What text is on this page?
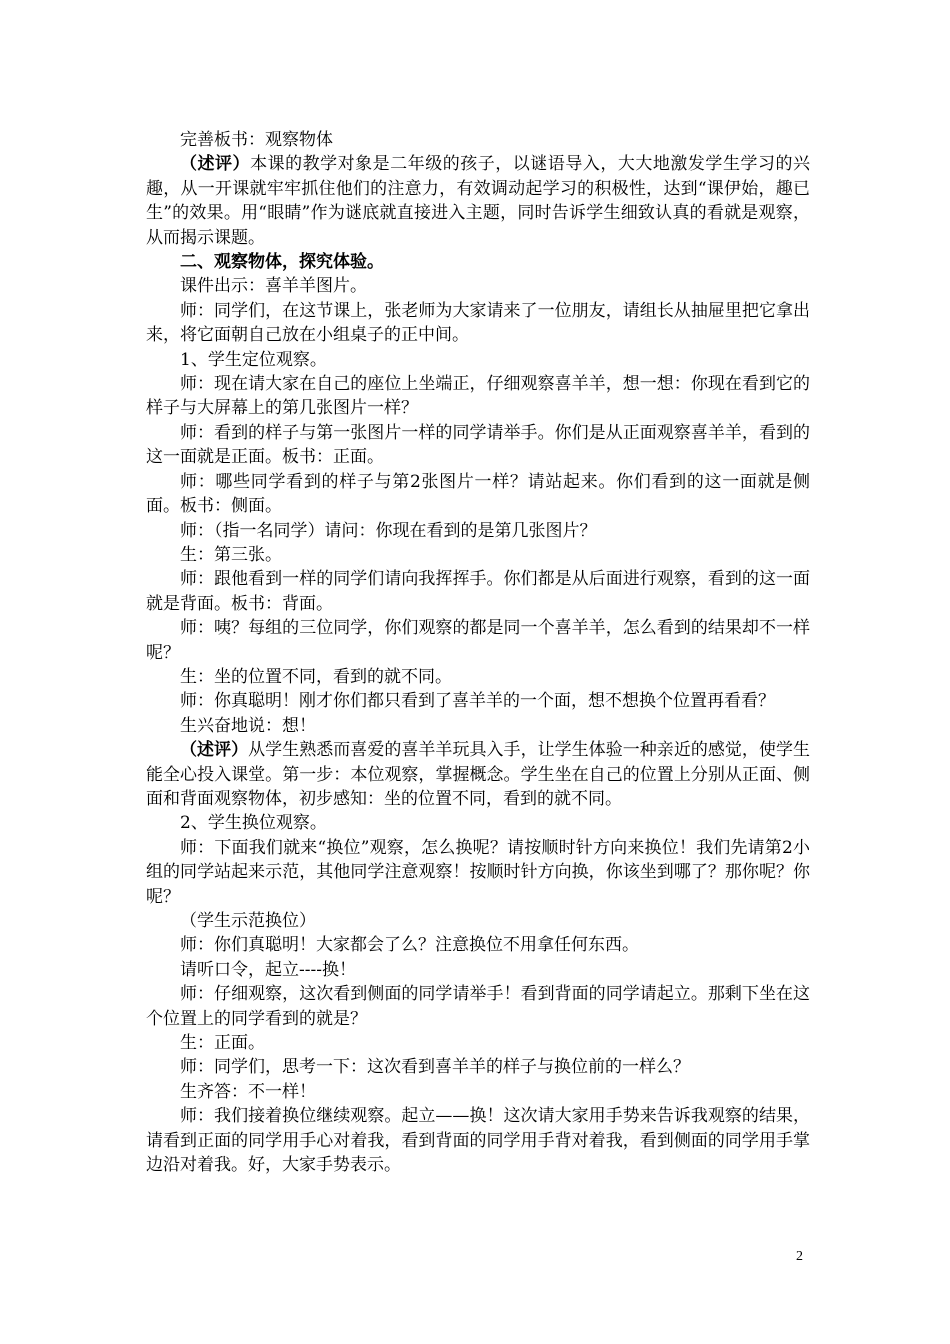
完善板书：观察物体

（述评）本课的教学对象是二年级的孩子，以谜语导入，大大地激发学生学习的兴趣，从一开课就牢牢抓住他们的注意力，有效调动起学习的积极性，达到“课伊始，趣已生”的效果。用“眼睛”作为谜底就直接进入主题，同时告诉学生细致认真的看就是观察，从而揭示课题。

二、观察物体，探究体验。

课件出示：喜羊羊图片。

师：同学们，在这节课上，张老师为大家请来了一位朋友，请组长从抽屉里把它拿出来，将它面朝自己放在小组桌子的正中间。

1、学生定位观察。

师：现在请大家在自己的座位上坐端正，仔细观察喜羊羊，想一想：你现在看到它的样子与大屏幕上的第几张图片一样？

师：看到的样子与第一张图片一样的同学请举手。你们是从正面观察喜羊羊，看到的这一面就是正面。板书：正面。

师：哪些同学看到的样子与第2张图片一样？请站起来。你们看到的这一面就是侧面。板书：侧面。

师：（指一名同学）请问：你现在看到的是第几张图片？

生：第三张。

师：跟他看到一样的同学们请向我挥挥手。你们都是从后面进行观察，看到的这一面就是背面。板书：背面。

师：咦？每组的三位同学，你们观察的都是同一个喜羊羊，怎么看到的结果却不一样呢？

生：坐的位置不同，看到的就不同。

师：你真聪明！刚才你们都只看到了喜羊羊的一个面，想不想换个位置再看看？

生兴奋地说：想！

（述评）从学生熟悉而喜爱的喜羊羊玩具入手，让学生体验一种亲近的感觉，使学生能全心投入课堂。第一步：本位观察，掌握概念。学生坐在自己的位置上分别从正面、侧面和背面观察物体，初步感知：坐的位置不同，看到的就不同。

2、学生换位观察。

师：下面我们就来“换位”观察，怎么换呢？请按顺时针方向来换位！我们先请第2小组的同学站起来示范，其他同学注意观察！按顺时针方向换，你该坐到哪了？那你呢？你呢？

（学生示范换位）

师：你们真聪明！大家都会了么？注意换位不用拿任何东西。

请听口令，起立----换！

师：仔细观察，这次看到侧面的同学请举手！看到背面的同学请起立。那剩下坐在这个位置上的同学看到的就是？

生：正面。

师：同学们，思考一下：这次看到喜羊羊的样子与换位前的一样么？

生齐答：不一样！

师：我们接着换位继续观察。起立——换！这次请大家用手势来告诉我观察的结果，请看到正面的同学用手心对着我，看到背面的同学用手背对着我，看到侧面的同学用手掌边沿对着我。好，大家手势表示。

2
